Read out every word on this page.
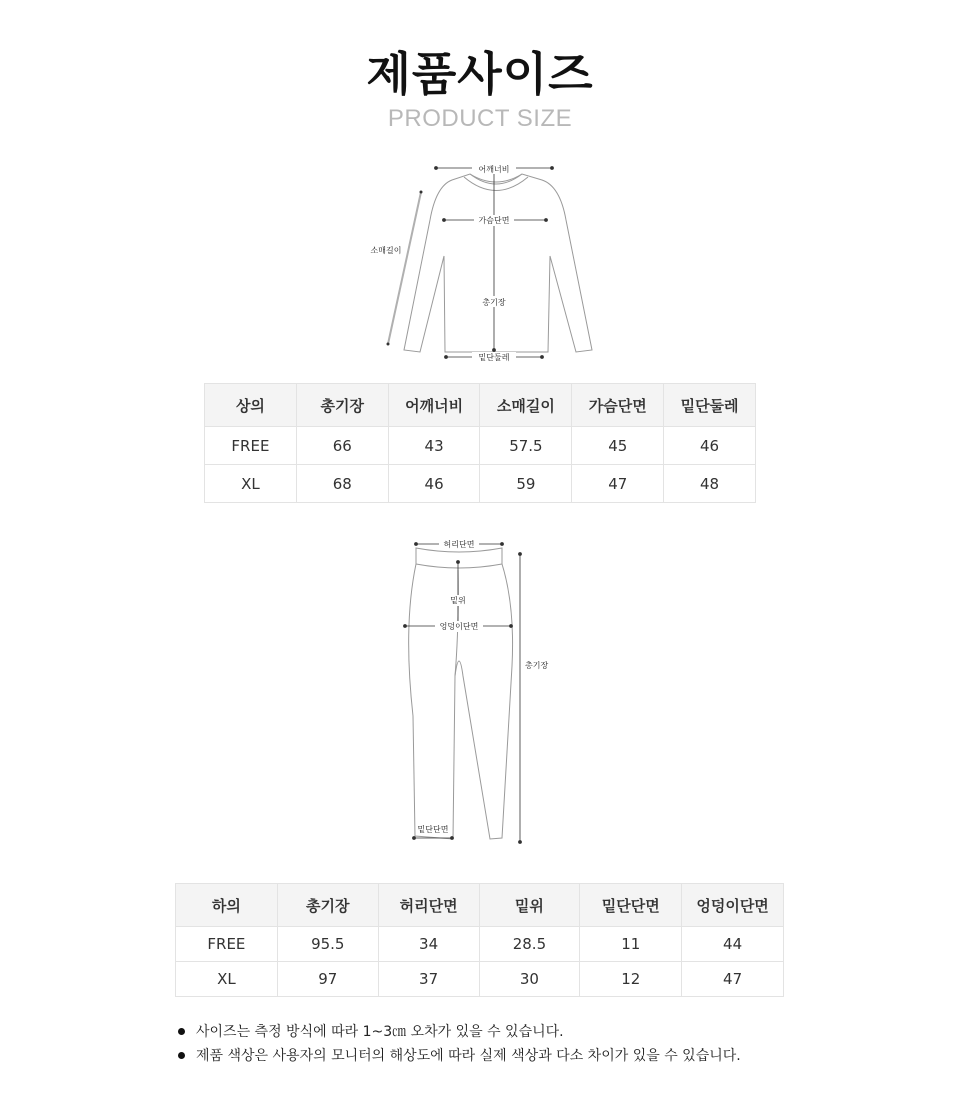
제품사이즈
PRODUCT SIZE
어깨너비
가슴단면
소매길이
총기장
밑단둘레
상의	총기장	어깨너비	소매길이	가슴단면	밑단둘레
FREE	66	43	57.5	45	46
XL	68	46	59	47	48
허리단면
밑위
엉덩이단면
총기장
밑단단면
하의	총기장	허리단면	밑위	밑단단면	엉덩이단면
FREE	95.5	34	28.5	11	44
XL	97	37	30	12	47
사이즈는 측정 방식에 따라 1~3㎝ 오차가 있을 수 있습니다.
제품 색상은 사용자의 모니터의 해상도에 따라 실제 색상과 다소 차이가 있을 수 있습니다.
